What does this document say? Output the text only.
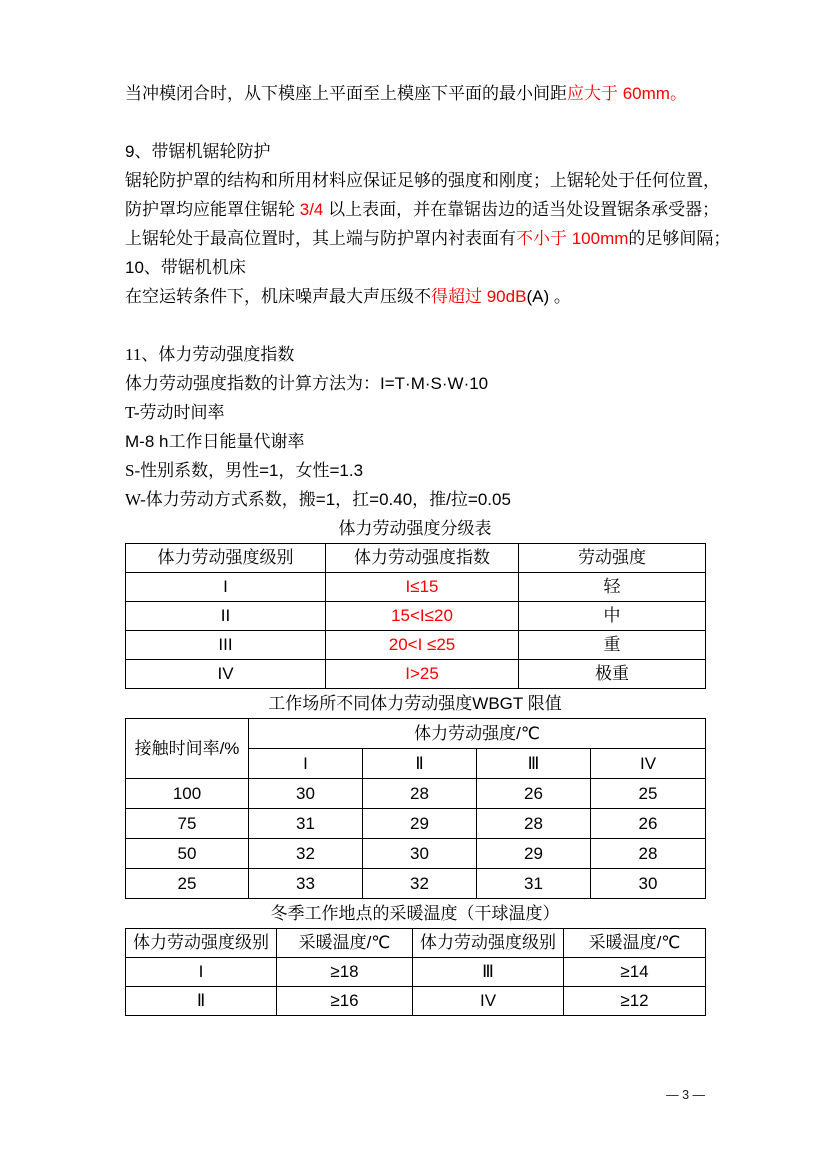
当冲模闭合时，从下模座上平面至上模座下平面的最小间距应大于 60mm。
9、带锯机锯轮防护
锯轮防护罩的结构和所用材料应保证足够的强度和刚度；上锯轮处于任何位置，
防护罩均应能罩住锯轮 3/4 以上表面，并在靠锯齿边的适当处设置锯条承受器；
上锯轮处于最高位置时，其上端与防护罩内衬表面有不小于 100mm的足够间隔；
10、带锯机机床
在空运转条件下，机床噪声最大声压级不得超过 90dB(A) 。
11、体力劳动强度指数
体力劳动强度指数的计算方法为：I=T·M·S·W·10
T-劳动时间率
M-8 h工作日能量代谢率
S-性别系数，男性=1，女性=1.3
W-体力劳动方式系数，搬=1，扛=0.40，推/拉=0.05
体力劳动强度分级表
体力劳动强度级别	体力劳动强度指数	劳动强度
I	I≤15	轻
II	15<I≤20	中
III	20<I ≤25	重
IV	I>25	极重
工作场所不同体力劳动强度WBGT 限值
接触时间率/%	体力劳动强度/℃			
	I	Ⅱ	Ⅲ	IV
100	30	28	26	25
75	31	29	28	26
50	32	30	29	28
25	33	32	31	30
冬季工作地点的采暖温度（干球温度）
体力劳动强度级别	采暖温度/℃	体力劳动强度级别	采暖温度/℃
I	≥18	Ⅲ	≥14
Ⅱ	≥16	IV	≥12
— 3 —
